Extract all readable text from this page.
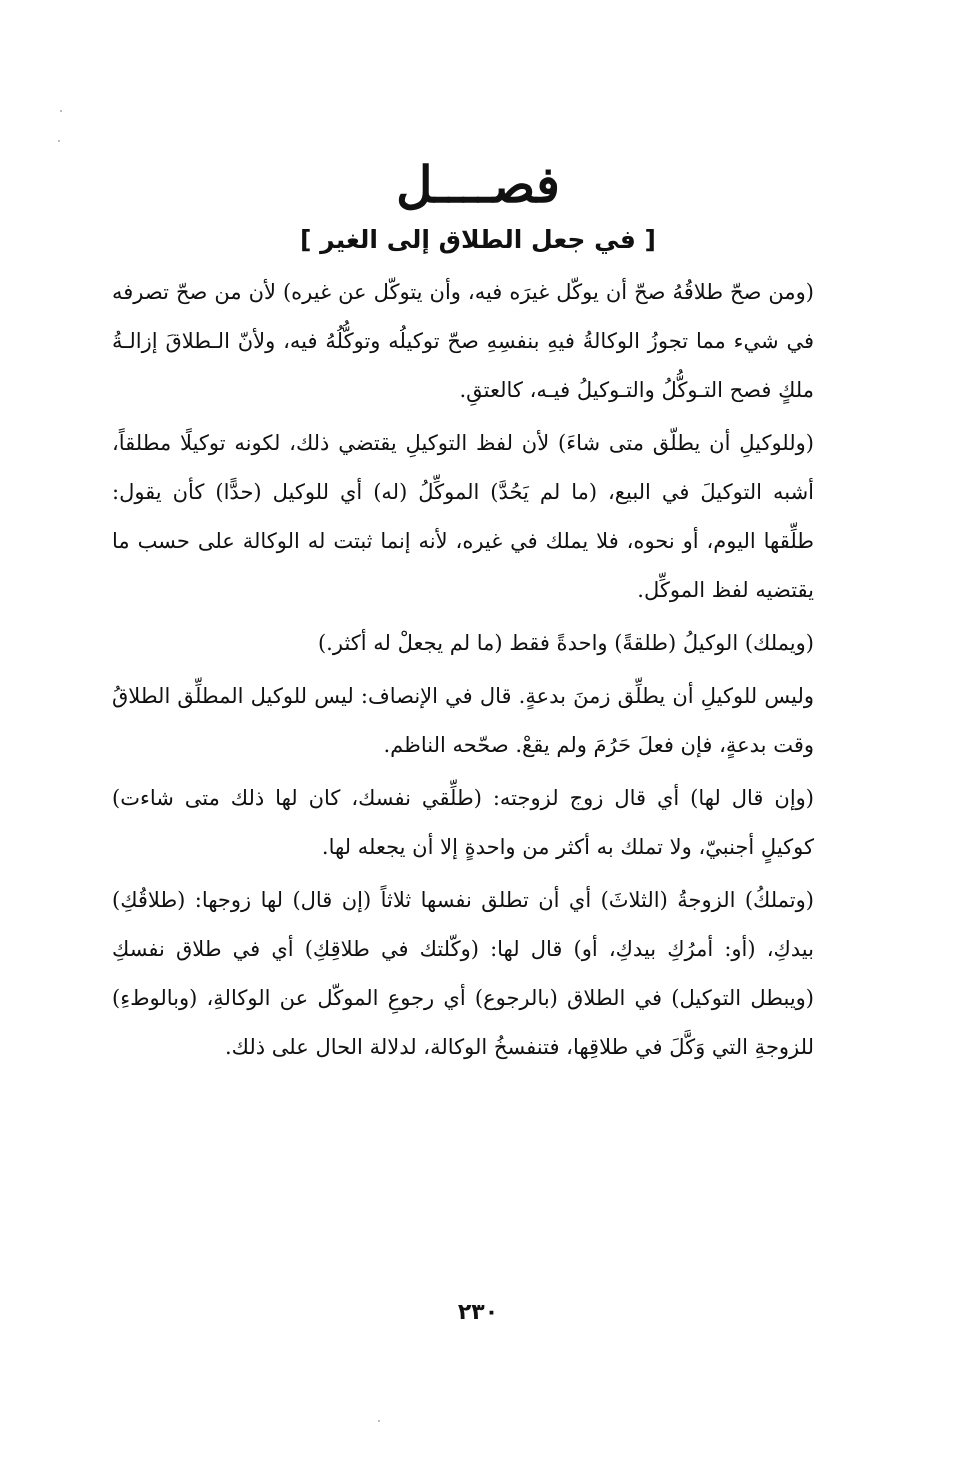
فصــــل
[ في جعل الطلاق إلى الغير ]

(ومن صحّ طلاقُهُ صحّ أن يوكّل غيرَه فيه، وأن يتوكّل عن غيره) لأن من صحّ تصرفه في شيء مما تجوزُ الوكالةُ فيهِ بنفسِهِ صحّ توكيلُه وتوكُّلُهُ فيه، ولأنّ الـطلاقَ إزالـةُ ملكٍ فصح التـوكُّلُ والتـوكيلُ فيـه، كالعتقِ.

(وللوكيلِ أن يطلّق متى شاءَ) لأن لفظ التوكيلِ يقتضي ذلك، لكونه توكيلًا مطلقاً، أشبه التوكيلَ في البيع، (ما لم يَحُدَّ) الموكِّلُ (له) أي للوكيل (حدًّا) كأن يقول: طلِّقها اليوم، أو نحوه، فلا يملك في غيره، لأنه إنما ثبتت له الوكالة على حسب ما يقتضيه لفظ الموكِّل.

(ويملك) الوكيلُ (طلقةً) واحدةً فقط (ما لم يجعلْ له أكثر.)

وليس للوكيلِ أن يطلِّق زمنَ بدعةٍ. قال في الإنصاف: ليس للوكيل المطلِّق الطلاقُ وقت بدعةٍ، فإن فعلَ حَرُمَ ولم يقعْ. صحّحه الناظم.

(وإن قال لها) أي قال زوج لزوجته: (طلِّقي نفسك، كان لها ذلك متى شاءت) كوكيلٍ أجنبيّ، ولا تملك به أكثر من واحدةٍ إلا أن يجعله لها.

(وتملكُ) الزوجةُ (الثلاثَ) أي أن تطلق نفسها ثلاثاً (إن قال) لها زوجها: (طلاقُكِ) بيدكِ، (أو: أمرُكِ بيدكِ، أو) قال لها: (وكّلتك في طلاقِكِ) أي في طلاق نفسكِ (ويبطل التوكيل) في الطلاق (بالرجوع) أي رجوعِ الموكّل عن الوكالةِ، (وبالوطءِ) للزوجةِ التي وَكَّلَ في طلاقِها، فتنفسخُ الوكالة، لدلالة الحال على ذلك.

٢٣٠
